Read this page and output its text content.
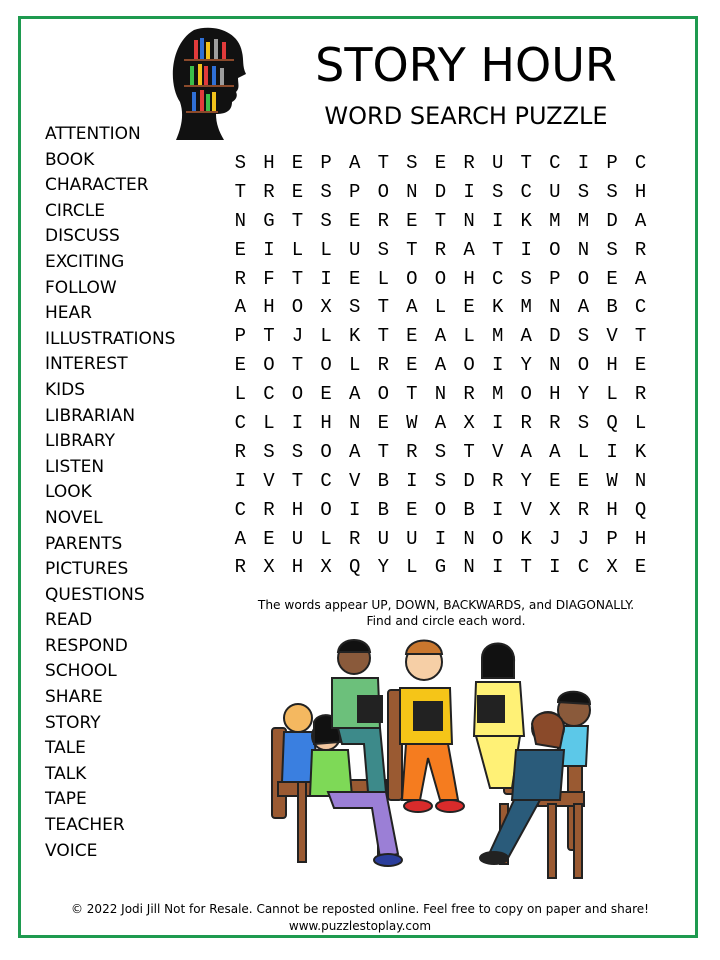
STORY HOUR
WORD SEARCH PUZZLE
ATTENTION
BOOK
CHARACTER
CIRCLE
DISCUSS
EXCITING
FOLLOW
HEAR
ILLUSTRATIONS
INTEREST
KIDS
LIBRARIAN
LIBRARY
LISTEN
LOOK
NOVEL
PARENTS
PICTURES
QUESTIONS
READ
RESPOND
SCHOOL
SHARE
STORY
TALE
TALK
TAPE
TEACHER
VOICE
S H E P A T S E R U T C I P C
T R E S P O N D I S C U S S H
N G T S E R E T N I K M M D A
E I L L U S T R A T I O N S R
R F T I E L O O H C S P O E A
A H O X S T A L E K M N A B C
P T J L K T E A L M A D S V T
E O T O L R E A O I Y N O H E
L C O E A O T N R M O H Y L R
C L I H N E W A X I R R S Q L
R S S O A T R S T V A A L I K
I V T C V B I S D R Y E E W N
C R H O I B E O B I V X R H Q
A E U L R U U I N O K J J P H
R X H X Q Y L G N I T I C X E
The words appear UP, DOWN, BACKWARDS, and DIAGONALLY.
Find and circle each word.
© 2022 Jodi Jill Not for Resale. Cannot be reposted online. Feel free to copy on paper and share!
www.puzzlestoplay.com
